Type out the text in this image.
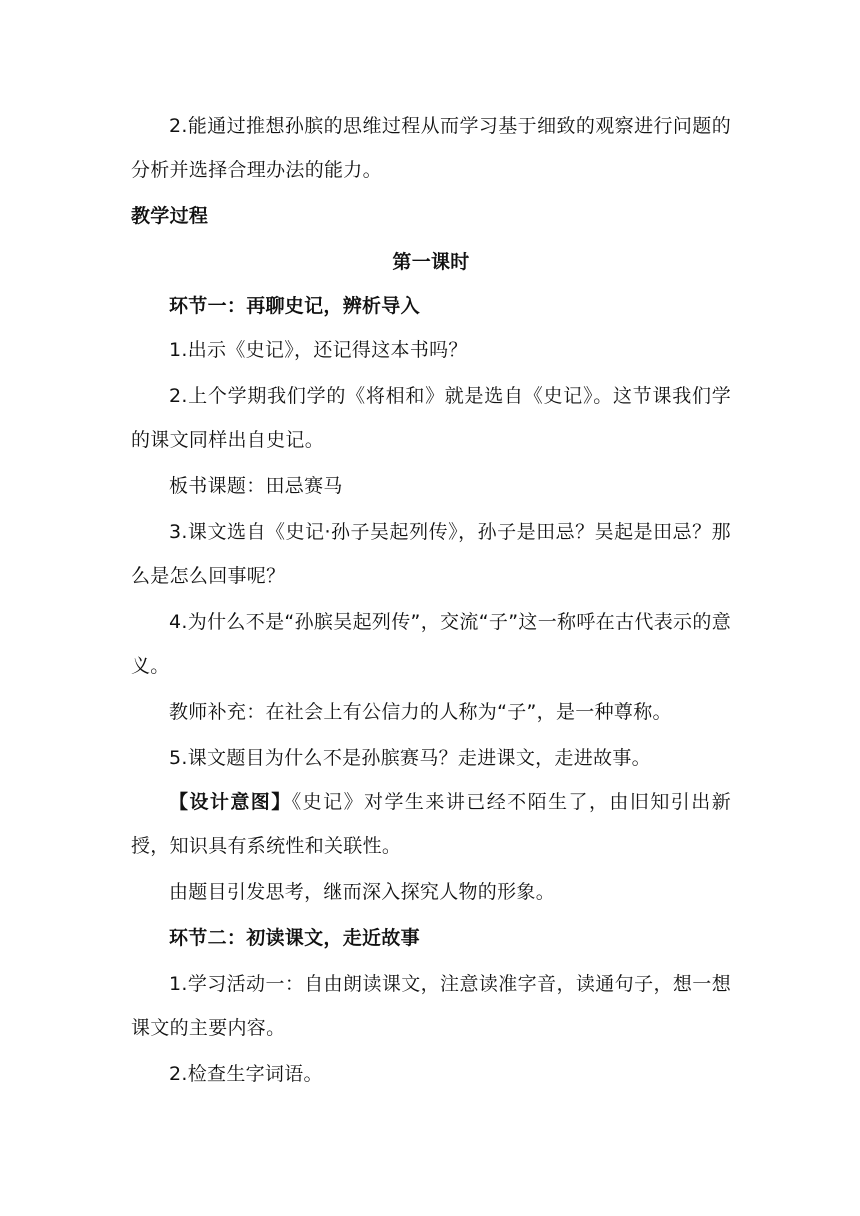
2.能通过推想孙膑的思维过程从而学习基于细致的观察进行问题的分析并选择合理办法的能力。

教学过程

第一课时

环节一：再聊史记，辨析导入

1.出示《史记》，还记得这本书吗？

2.上个学期我们学的《将相和》就是选自《史记》。这节课我们学的课文同样出自史记。

板书课题：田忌赛马

3.课文选自《史记·孙子吴起列传》，孙子是田忌？吴起是田忌？那么是怎么回事呢？

4.为什么不是“孙膑吴起列传”，交流“子”这一称呼在古代表示的意义。

教师补充：在社会上有公信力的人称为“子”，是一种尊称。

5.课文题目为什么不是孙膑赛马？走进课文，走进故事。

【设计意图】《史记》对学生来讲已经不陌生了，由旧知引出新授，知识具有系统性和关联性。

由题目引发思考，继而深入探究人物的形象。

环节二：初读课文，走近故事

1.学习活动一：自由朗读课文，注意读准字音，读通句子，想一想课文的主要内容。

2.检查生字词语。
